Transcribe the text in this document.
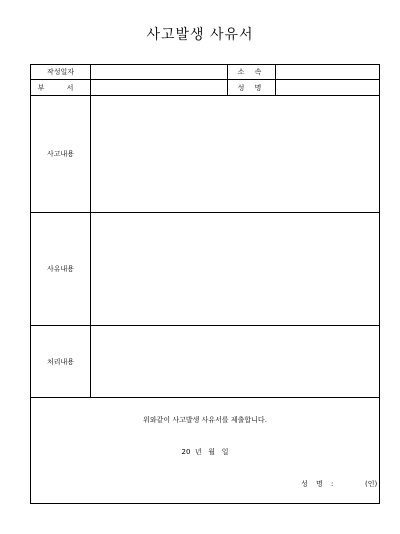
사고발생 사유서
작성일자	소 속
부 서	성 명
사고내용
사유내용
처리내용
위와같이 사고발생 사유서를 제출합니다.
20  년   월   일
성 명 :	(인)
